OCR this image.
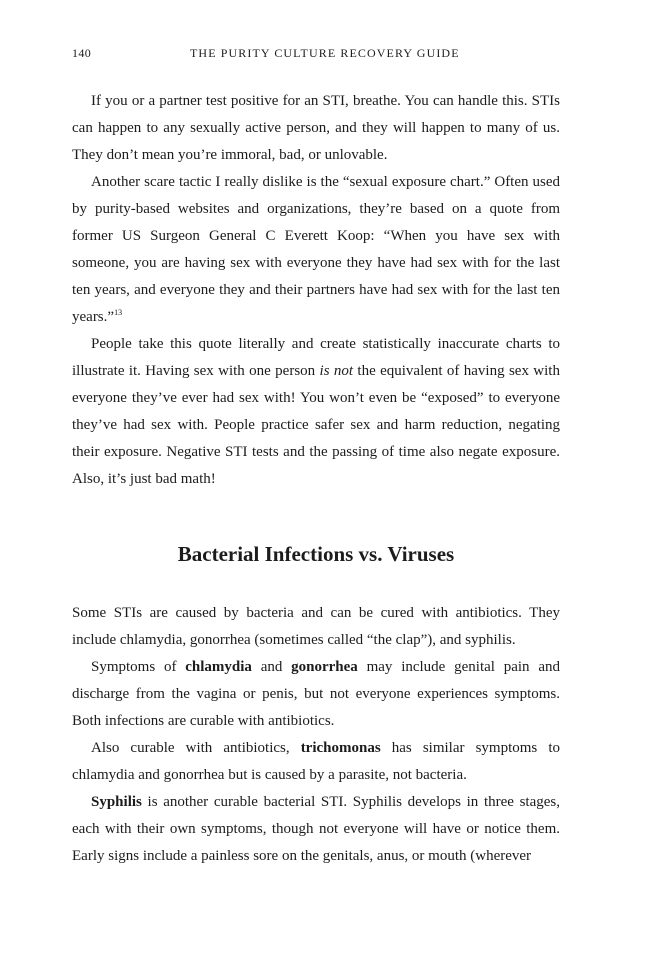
140	THE PURITY CULTURE RECOVERY GUIDE

If you or a partner test positive for an STI, breathe. You can handle this. STIs can happen to any sexually active person, and they will happen to many of us. They don’t mean you’re immoral, bad, or unlovable.

Another scare tactic I really dislike is the “sexual exposure chart.” Often used by purity-based websites and organizations, they’re based on a quote from former US Surgeon General C Everett Koop: “When you have sex with someone, you are having sex with everyone they have had sex with for the last ten years, and everyone they and their partners have had sex with for the last ten years.”$^{13}$

People take this quote literally and create statistically inaccurate charts to illustrate it. Having sex with one person is not the equivalent of having sex with everyone they’ve ever had sex with! You won’t even be “exposed” to everyone they’ve had sex with. People practice safer sex and harm reduction, negating their exposure. Negative STI tests and the passing of time also negate exposure. Also, it’s just bad math!

Bacterial Infections vs. Viruses

Some STIs are caused by bacteria and can be cured with antibiotics. They include chlamydia, gonorrhea (sometimes called “the clap”), and syphilis.

Symptoms of chlamydia and gonorrhea may include genital pain and discharge from the vagina or penis, but not everyone experiences symptoms. Both infections are curable with antibiotics.

Also curable with antibiotics, trichomonas has similar symptoms to chlamydia and gonorrhea but is caused by a parasite, not bacteria.

Syphilis is another curable bacterial STI. Syphilis develops in three stages, each with their own symptoms, though not everyone will have or notice them. Early signs include a painless sore on the genitals, anus, or mouth (wherever
